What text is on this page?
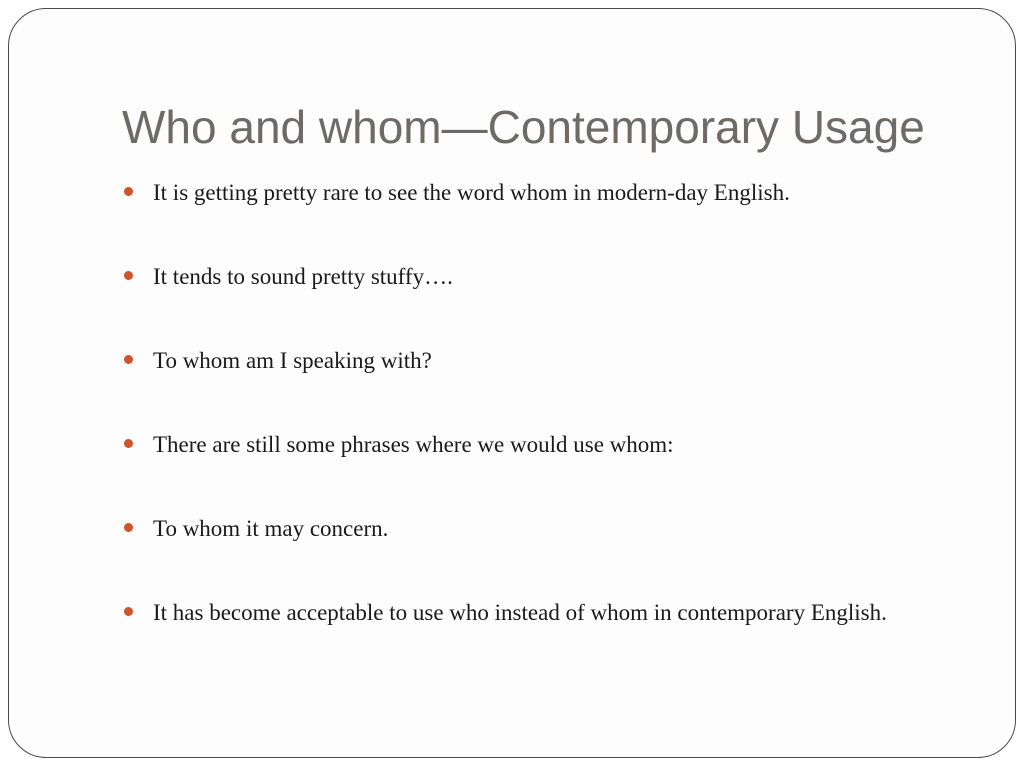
Who and whom—Contemporary Usage
It is getting pretty rare to see the word whom in modern-day English.
It tends to sound pretty stuffy….
To whom am I speaking with?
There are still some phrases where we would use whom:
To whom it may concern.
It has become acceptable to use who instead of whom in contemporary English.
